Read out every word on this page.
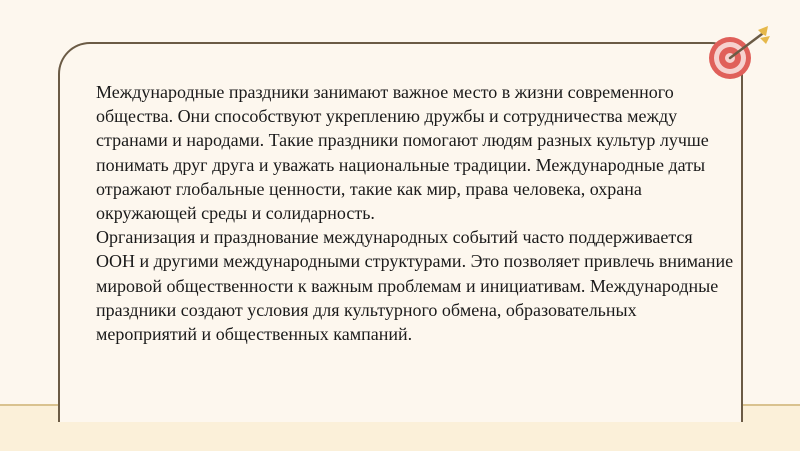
Международные праздники занимают важное место в жизни современного общества. Они способствуют укреплению дружбы и сотрудничества между странами и народами. Такие праздники помогают людям разных культур лучше понимать друг друга и уважать национальные традиции. Международные даты отражают глобальные ценности, такие как мир, права человека, охрана окружающей среды и солидарность.

Организация и празднование международных событий часто поддерживается ООН и другими международными структурами. Это позволяет привлечь внимание мировой общественности к важным проблемам и инициативам. Международные праздники создают условия для культурного обмена, образовательных мероприятий и общественных кампаний.
